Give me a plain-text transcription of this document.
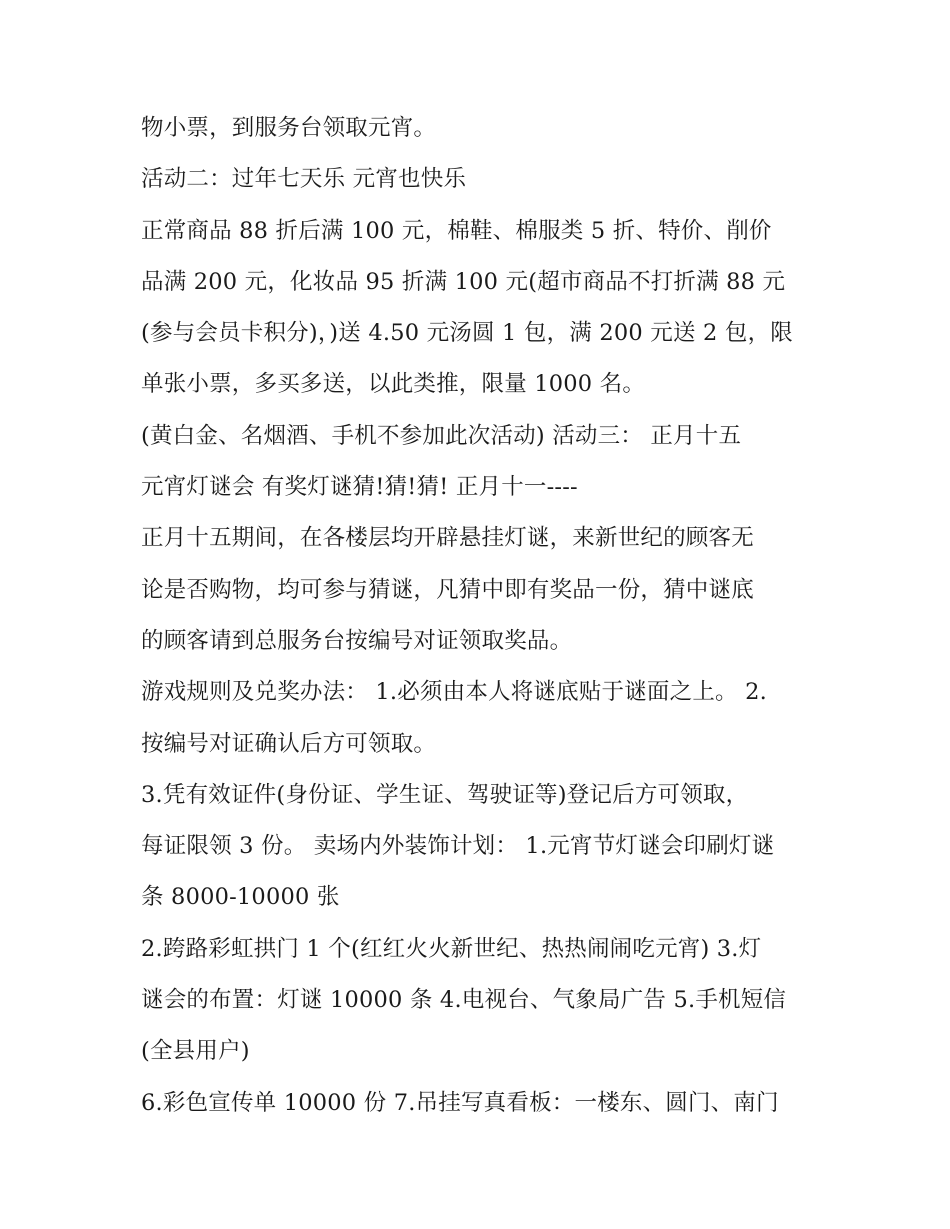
物小票，到服务台领取元宵。
活动二：过年七天乐 元宵也快乐
正常商品 88 折后满 100 元，棉鞋、棉服类 5 折、特价、削价
品满 200 元，化妆品 95 折满 100 元(超市商品不打折满 88 元
(参与会员卡积分)，)送 4.50 元汤圆 1 包，满 200 元送 2 包，限
单张小票，多买多送，以此类推，限量 1000 名。
(黄白金、名烟酒、手机不参加此次活动) 活动三： 正月十五
元宵灯谜会 有奖灯谜猜!猜!猜! 正月十一----
正月十五期间，在各楼层均开辟悬挂灯谜，来新世纪的顾客无
论是否购物，均可参与猜谜，凡猜中即有奖品一份，猜中谜底
的顾客请到总服务台按编号对证领取奖品。
游戏规则及兑奖办法： 1.必须由本人将谜底贴于谜面之上。 2.
按编号对证确认后方可领取。
3.凭有效证件(身份证、学生证、驾驶证等)登记后方可领取，
每证限领 3 份。 卖场内外装饰计划： 1.元宵节灯谜会印刷灯谜
条 8000-10000 张
2.跨路彩虹拱门 1 个(红红火火新世纪、热热闹闹吃元宵) 3.灯
谜会的布置：灯谜 10000 条 4.电视台、气象局广告 5.手机短信
(全县用户)
6.彩色宣传单 10000 份 7.吊挂写真看板：一楼东、圆门、南门
